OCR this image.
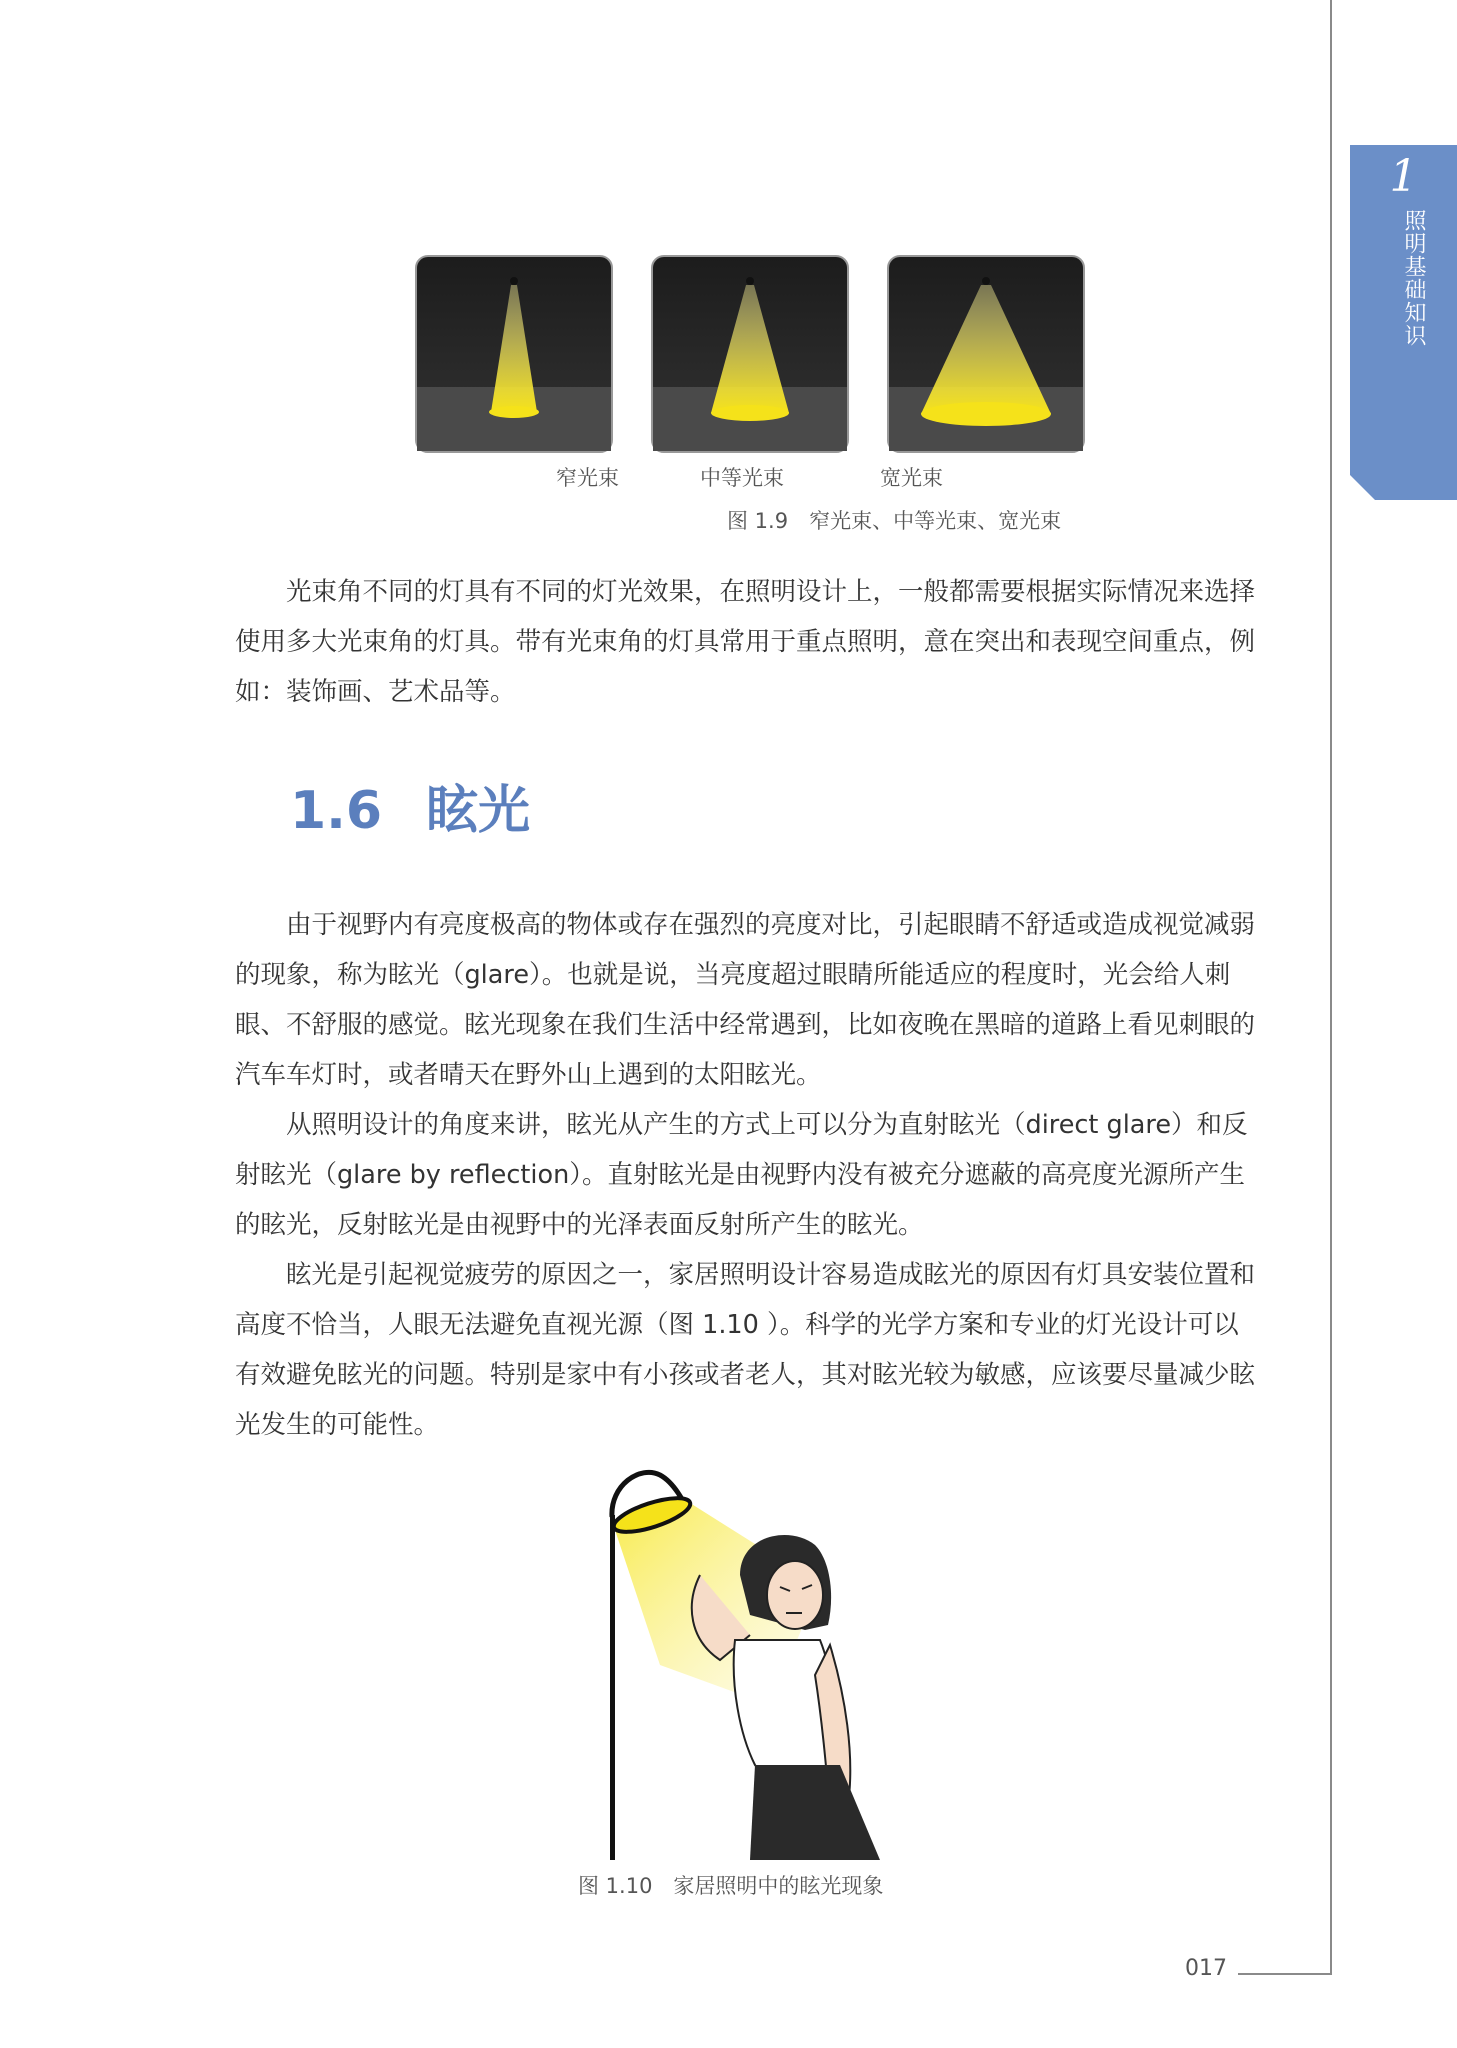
1
照明基础知识
窄光束	中等光束	宽光束
图 1.9　窄光束、中等光束、宽光束

光束角不同的灯具有不同的灯光效果，在照明设计上，一般都需要根据实际情况来选择使用多大光束角的灯具。带有光束角的灯具常用于重点照明，意在突出和表现空间重点，例如：装饰画、艺术品等。

1.6 眩光

由于视野内有亮度极高的物体或存在强烈的亮度对比，引起眼睛不舒适或造成视觉减弱的现象，称为眩光（glare）。也就是说，当亮度超过眼睛所能适应的程度时，光会给人刺眼、不舒服的感觉。眩光现象在我们生活中经常遇到，比如夜晚在黑暗的道路上看见刺眼的汽车车灯时，或者晴天在野外山上遇到的太阳眩光。

从照明设计的角度来讲，眩光从产生的方式上可以分为直射眩光（direct glare）和反射眩光（glare by reflection）。直射眩光是由视野内没有被充分遮蔽的高亮度光源所产生的眩光，反射眩光是由视野中的光泽表面反射所产生的眩光。

眩光是引起视觉疲劳的原因之一，家居照明设计容易造成眩光的原因有灯具安装位置和高度不恰当，人眼无法避免直视光源（图 1.10 ）。科学的光学方案和专业的灯光设计可以有效避免眩光的问题。特别是家中有小孩或者老人，其对眩光较为敏感，应该要尽量减少眩光发生的可能性。

图 1.10　家居照明中的眩光现象
017
